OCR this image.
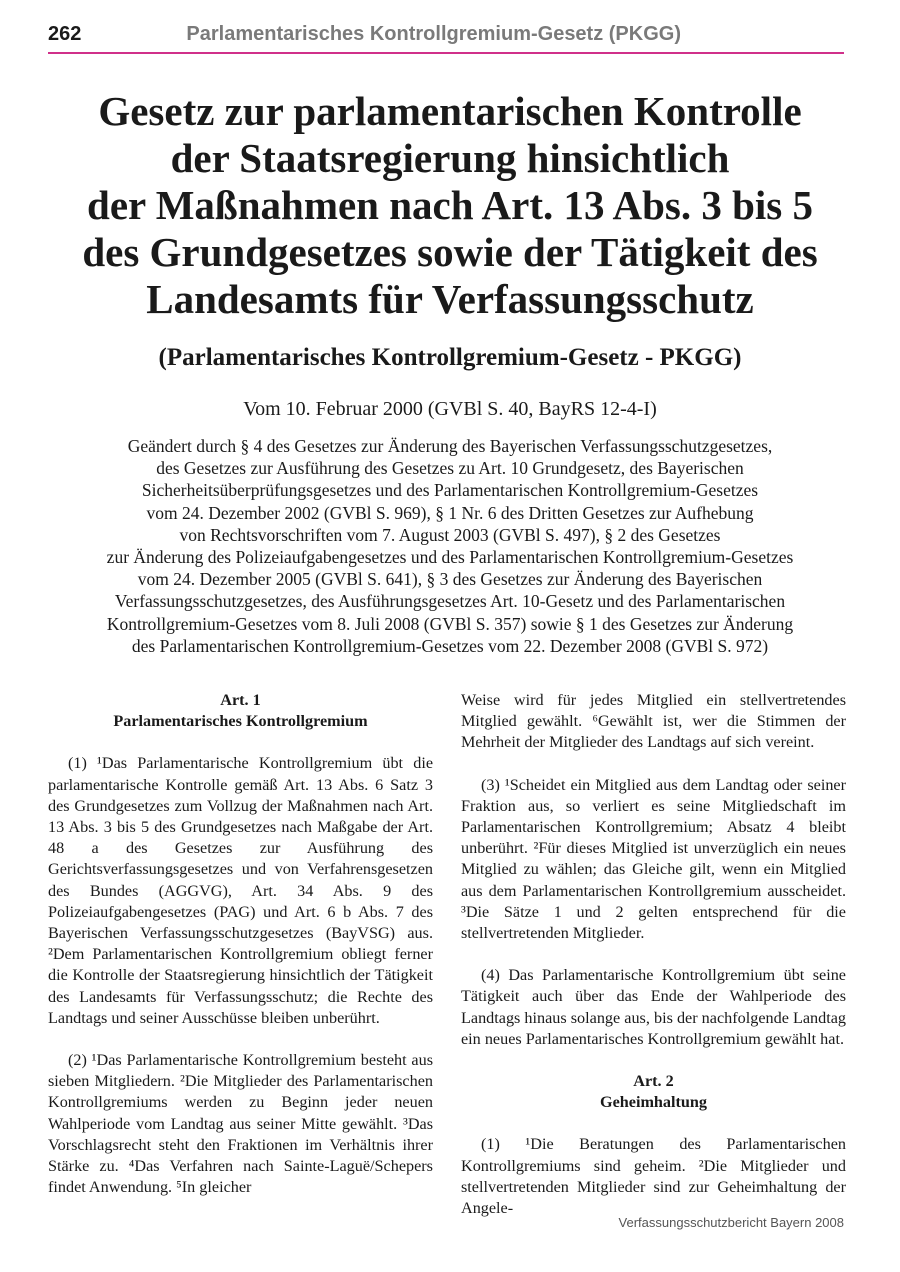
262	Parlamentarisches Kontrollgremium-Gesetz (PKGG)
Gesetz zur parlamentarischen Kontrolle
der Staatsregierung hinsichtlich
der Maßnahmen nach Art. 13 Abs. 3 bis 5
des Grundgesetzes sowie der Tätigkeit des
Landesamts für Verfassungsschutz
(Parlamentarisches Kontrollgremium-Gesetz - PKGG)
Vom 10. Februar 2000 (GVBl S. 40, BayRS 12-4-I)
Geändert durch § 4 des Gesetzes zur Änderung des Bayerischen Verfassungsschutzgesetzes,
des Gesetzes zur Ausführung des Gesetzes zu Art. 10 Grundgesetz, des Bayerischen
Sicherheitsüberprüfungsgesetzes und des Parlamentarischen Kontrollgremium-Gesetzes
vom 24. Dezember 2002 (GVBl S. 969), § 1 Nr. 6 des Dritten Gesetzes zur Aufhebung
von Rechtsvorschriften vom 7. August 2003 (GVBl S. 497), § 2 des Gesetzes
zur Änderung des Polizeiaufgabengesetzes und des Parlamentarischen Kontrollgremium-Gesetzes
vom 24. Dezember 2005 (GVBl S. 641), § 3 des Gesetzes zur Änderung des Bayerischen
Verfassungsschutzgesetzes, des Ausführungsgesetzes Art. 10-Gesetz und des Parlamentarischen
Kontrollgremium-Gesetzes vom 8. Juli 2008 (GVBl S. 357) sowie § 1 des Gesetzes zur Änderung
des Parlamentarischen Kontrollgremium-Gesetzes vom 22. Dezember 2008 (GVBl S. 972)

Art. 1

Parlamentarisches Kontrollgremium

(1) ¹Das Parlamentarische Kontrollgremium übt die parlamentarische Kontrolle gemäß Art. 13 Abs. 6 Satz 3 des Grundgesetzes zum Vollzug der Maßnahmen nach Art. 13 Abs. 3 bis 5 des Grundgesetzes nach Maßgabe der Art. 48 a des Gesetzes zur Ausführung des Gerichtsverfassungsgesetzes und von Verfahrensgesetzen des Bundes (AGGVG), Art. 34 Abs. 9 des Polizeiaufgabengesetzes (PAG) und Art. 6 b Abs. 7 des Bayerischen Verfassungsschutzgesetzes (BayVSG) aus. ²Dem Parlamentarischen Kontrollgremium obliegt ferner die Kontrolle der Staatsregierung hinsichtlich der Tätigkeit des Landesamts für Verfassungsschutz; die Rechte des Landtags und seiner Ausschüsse bleiben unberührt.

(2) ¹Das Parlamentarische Kontrollgremium besteht aus sieben Mitgliedern. ²Die Mitglieder des Parlamentarischen Kontrollgremiums werden zu Beginn jeder neuen Wahlperiode vom Landtag aus seiner Mitte gewählt. ³Das Vorschlagsrecht steht den Fraktionen im Verhältnis ihrer Stärke zu. ⁴Das Verfahren nach Sainte-Laguë/Schepers findet Anwendung. ⁵In gleicher

Weise wird für jedes Mitglied ein stellvertretendes Mitglied gewählt. ⁶Gewählt ist, wer die Stimmen der Mehrheit der Mitglieder des Landtags auf sich vereint.

(3) ¹Scheidet ein Mitglied aus dem Landtag oder seiner Fraktion aus, so verliert es seine Mitgliedschaft im Parlamentarischen Kontrollgremium; Absatz 4 bleibt unberührt. ²Für dieses Mitglied ist unverzüglich ein neues Mitglied zu wählen; das Gleiche gilt, wenn ein Mitglied aus dem Parlamentarischen Kontrollgremium ausscheidet. ³Die Sätze 1 und 2 gelten entsprechend für die stellvertretenden Mitglieder.

(4) Das Parlamentarische Kontrollgremium übt seine Tätigkeit auch über das Ende der Wahlperiode des Landtags hinaus solange aus, bis der nachfolgende Landtag ein neues Parlamentarisches Kontrollgremium gewählt hat.

Art. 2

Geheimhaltung

(1) ¹Die Beratungen des Parlamentarischen Kontrollgremiums sind geheim. ²Die Mitglieder und stellvertretenden Mitglieder sind zur Geheimhaltung der Angele-

Verfassungsschutzbericht Bayern 2008
